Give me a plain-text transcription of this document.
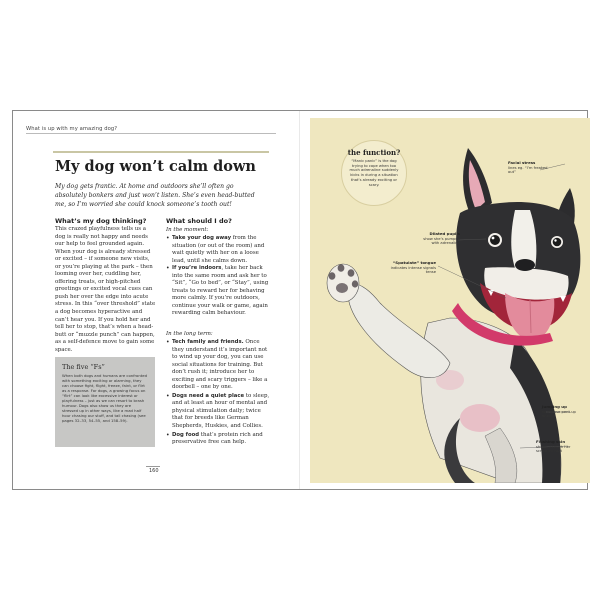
What is up with my amazing dog?
My dog won’t calm down

My dog gets frantic. At home and outdoors she’ll often go absolutely bonkers and just won’t listen. She’s even head-butted me, so I’m worried she could knock someone’s tooth out!

What’s my dog thinking?

This crazed playfulness tells us a dog is really not happy and needs our help to feel grounded again. When your dog is already stressed or excited – if someone new visits, or you’re playing at the park – then looming over her, cuddling her, offering treats, or high-pitched greetings or excited vocal cues can push her over the edge into acute stress. In this “over threshold” state a dog becomes hyperactive and can’t hear you. If you hold her and tell her to stop, that’s when a head-butt or “muzzle punch” can happen, as a self-defence move to gain some space.

The five “Fs”

When both dogs and humans are confronted with something exciting or alarming, they can choose fight, flight, freeze, faint, or flirt as a response. For dogs, a growing focus on “flirt” can look like excessive interest or playfulness – just as we can resort to brash humour. Dogs also show us they are stressed up in other ways, like a mad half hour chasing our stuff, and tail chasing (see pages 32–33, 54–55, and 158–59).

What should I do?

In the moment:

• Take your dog away from the situation (or out of the room) and wait quietly with her on a loose lead, until she calms down.
• If you’re indoors, take her back into the same room and ask her to “Sit”, “Go to bed”, or “Stay”, using treats to reward her for behaving more calmly. If you’re outdoors, continue your walk or game, again rewarding calm behaviour.

In the long term:

• Tech family and friends. Once they understand it’s important not to wind up your dog, you can use social situations for training. But don’t rush it; introduce her to exciting and scary triggers – like a doorbell – one by one.
• Dogs need a quiet place to sleep, and at least an hour of mental and physical stimulation daily; twice that for breeds like German Shepherds, Huskies, and Collies.
• Dog food that’s protein rich and preservative free can help.
160

the function?

“Manic panic” is the dog trying to cope when too much adrenaline suddenly kicks in during a situation that’s already exciting or scary.

Facial stress
lines eg. “I’m freaked out”
Dilated pupils
show she’s pumped with adrenaline
“Spatulate” tongue
indicates intense signals tense
Jumping up
to release pent-up energy
Flushing skin
shows through her scribbled coat
